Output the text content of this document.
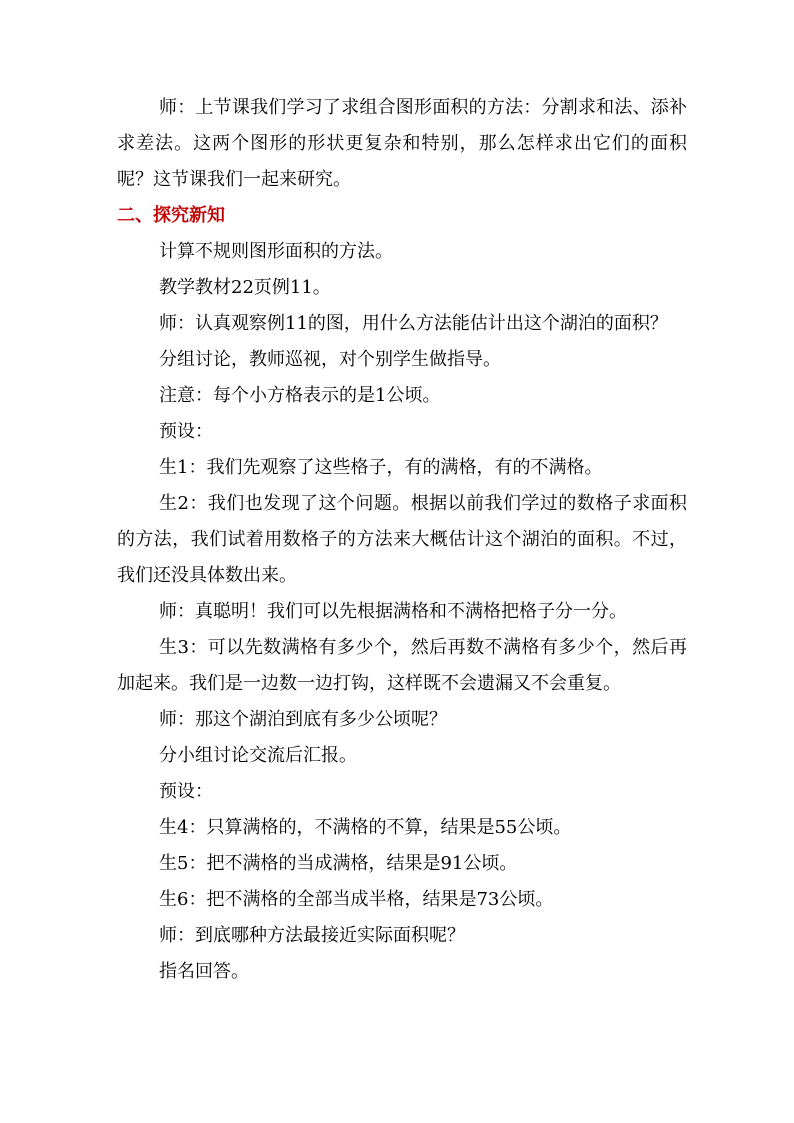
师：上节课我们学习了求组合图形面积的方法：分割求和法、添补求差法。这两个图形的形状更复杂和特别，那么怎样求出它们的面积呢？这节课我们一起来研究。

二、探究新知

计算不规则图形面积的方法。

教学教材22页例11。

师：认真观察例11的图，用什么方法能估计出这个湖泊的面积？

分组讨论，教师巡视，对个别学生做指导。

注意：每个小方格表示的是1公顷。

预设：

生1：我们先观察了这些格子，有的满格，有的不满格。

生2：我们也发现了这个问题。根据以前我们学过的数格子求面积的方法，我们试着用数格子的方法来大概估计这个湖泊的面积。不过，我们还没具体数出来。

师：真聪明！我们可以先根据满格和不满格把格子分一分。

生3：可以先数满格有多少个，然后再数不满格有多少个，然后再加起来。我们是一边数一边打钩，这样既不会遗漏又不会重复。

师：那这个湖泊到底有多少公顷呢？

分小组讨论交流后汇报。

预设：

生4：只算满格的，不满格的不算，结果是55公顷。

生5：把不满格的当成满格，结果是91公顷。

生6：把不满格的全部当成半格，结果是73公顷。

师：到底哪种方法最接近实际面积呢？

指名回答。
